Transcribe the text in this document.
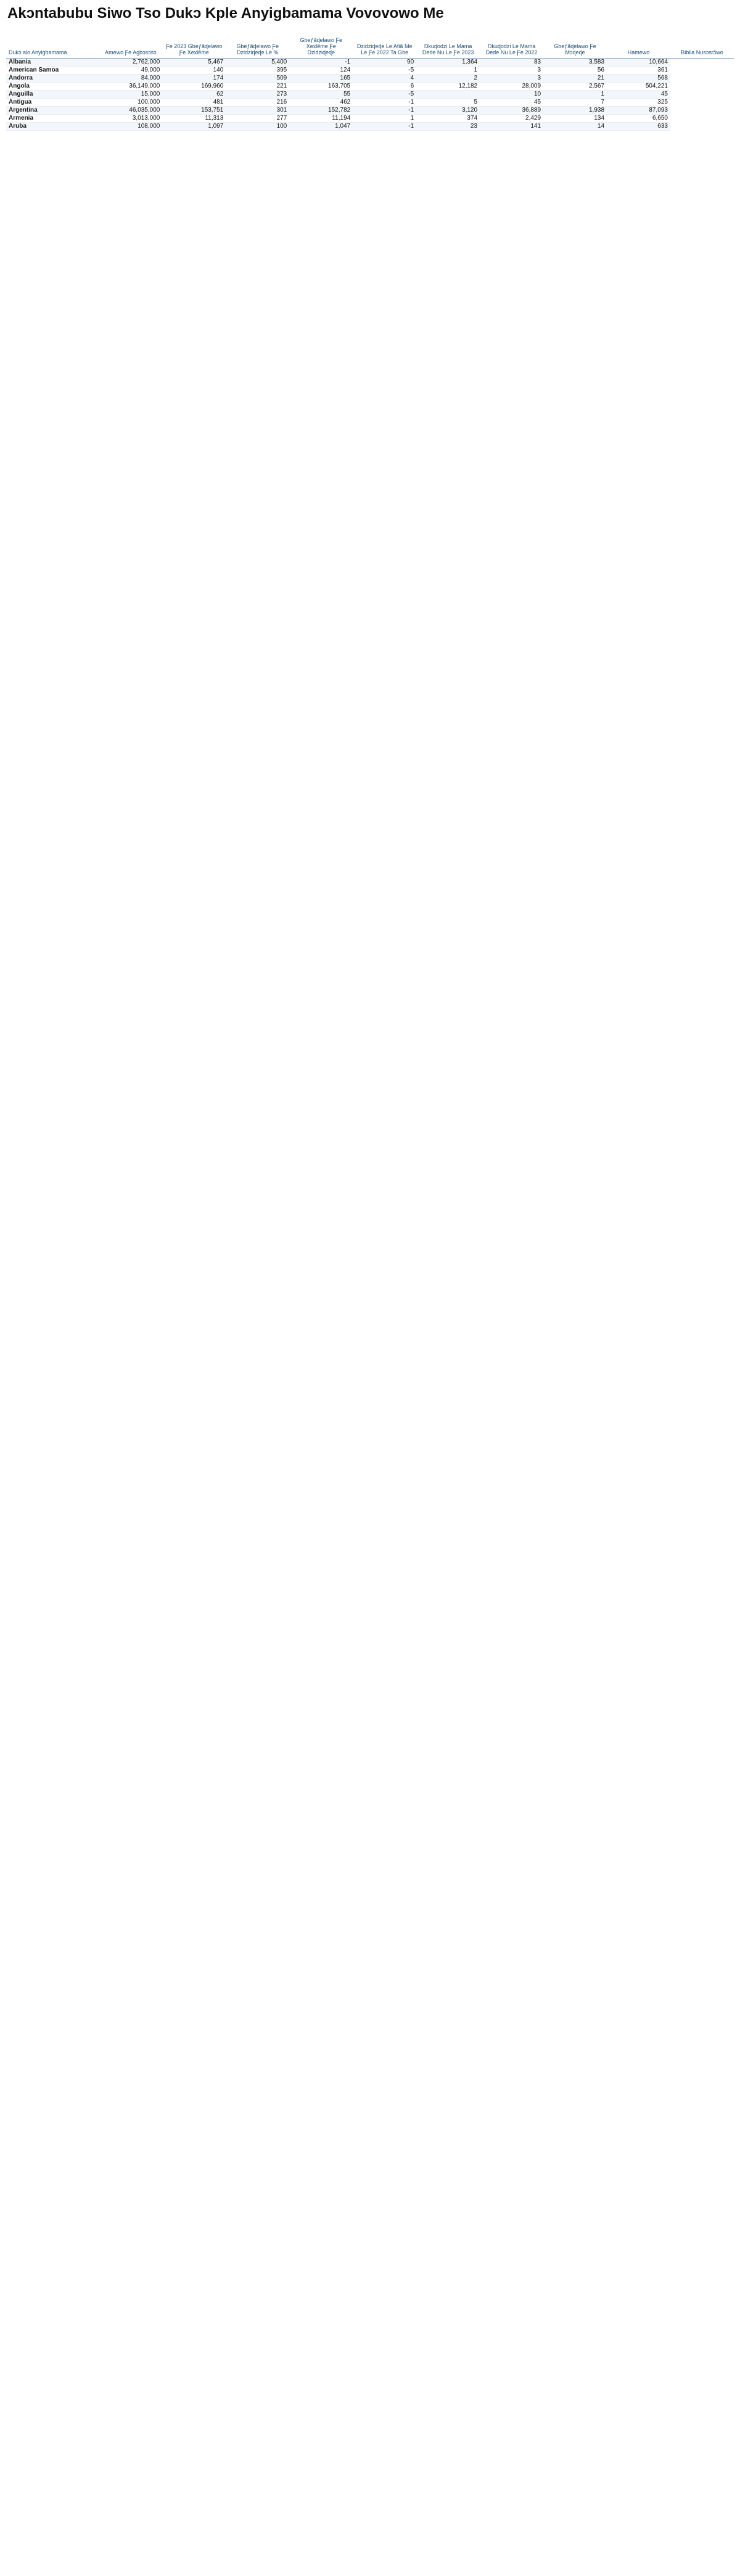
Akɔntabubu Siwo Tso Dukɔ Kple Anyigbamama Vovovowo Me
Dukɔ alo Anyigbamama	Amewo Ƒe Agbɔsɔsɔ	Ƒe 2023 Gbeƒãɖelawo Ƒe Xexlẽme	Gbeƒãɖelawo Ƒe Dzidziɖeɖe Le %	Gbeƒãɖelawo Ƒe Xexlẽme Ƒe Dzidziɖeɖe	Dzidziɖeɖe Le Afiã Me Le Ƒe 2022 Ta Gbe	Ŋkuɖodzi Le Mama Dede Nu Le Ƒe 2023	Ŋkuɖodzi Le Mama Dede Nu Le Ƒe 2022	Gbeƒãɖelawo Ƒe Mɔɖeɖe	Hamewo	Biblia Nusɔsrɔ̃wo
Albania	2,762,000	5,467	5,400	-1	90	1,364	83	3,583	10,664	
American Samoa	49,000	140	395	124	-5	1	3	56	361	
Andorra	84,000	174	509	165	4	2	3	21	568	
Angola	36,149,000	169,960	221	163,705	6	12,182	28,009	2,567	504,221	
Anguilla	15,000	62	273	55	-5		10	1	45	
Antigua	100,000	481	216	462	-1	5	45	7	325	
Argentina	46,035,000	153,751	301	152,782	-1	3,120	36,889	1,938	87,093	
Armenia	3,013,000	11,313	277	11,194	1	374	2,429	134	6,650	
Aruba	108,000	1,097	100	1,047	-1	23	141	14	633	
